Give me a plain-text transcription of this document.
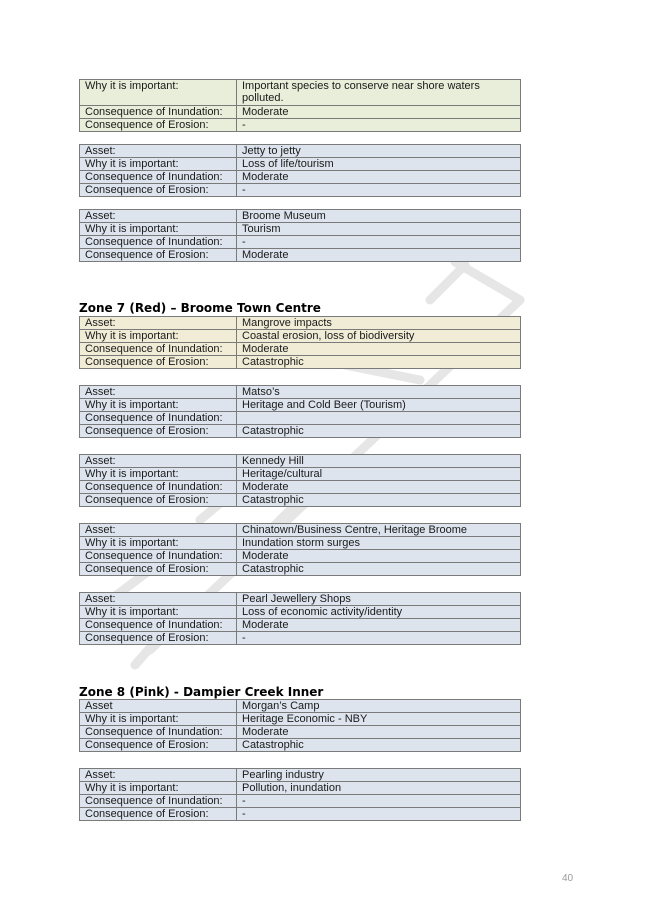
Why it is important:	Important species to conserve near shore waters polluted.
Consequence of Inundation:	Moderate
Consequence of Erosion:	-
Asset:	Jetty to jetty
Why it is important:	Loss of life/tourism
Consequence of Inundation:	Moderate
Consequence of Erosion:	-
Asset:	Broome Museum
Why it is important:	Tourism
Consequence of Inundation:	-
Consequence of Erosion:	Moderate
Zone 7 (Red) – Broome Town Centre
Asset:	Mangrove impacts
Why it is important:	Coastal erosion, loss of biodiversity
Consequence of Inundation:	Moderate
Consequence of Erosion:	Catastrophic
Asset:	Matso’s
Why it is important:	Heritage and Cold Beer (Tourism)
Consequence of Inundation:	
Consequence of Erosion:	Catastrophic
Asset:	Kennedy Hill
Why it is important:	Heritage/cultural
Consequence of Inundation:	Moderate
Consequence of Erosion:	Catastrophic
Asset:	Chinatown/Business Centre, Heritage Broome
Why it is important:	Inundation storm surges
Consequence of Inundation:	Moderate
Consequence of Erosion:	Catastrophic
Asset:	Pearl Jewellery Shops
Why it is important:	Loss of economic activity/identity
Consequence of Inundation:	Moderate
Consequence of Erosion:	-
Zone 8 (Pink) - Dampier Creek Inner
Asset	Morgan’s Camp
Why it is important:	Heritage Economic - NBY
Consequence of Inundation:	Moderate
Consequence of Erosion:	Catastrophic
Asset:	Pearling industry
Why it is important:	Pollution, inundation
Consequence of Inundation:	-
Consequence of Erosion:	-
40
